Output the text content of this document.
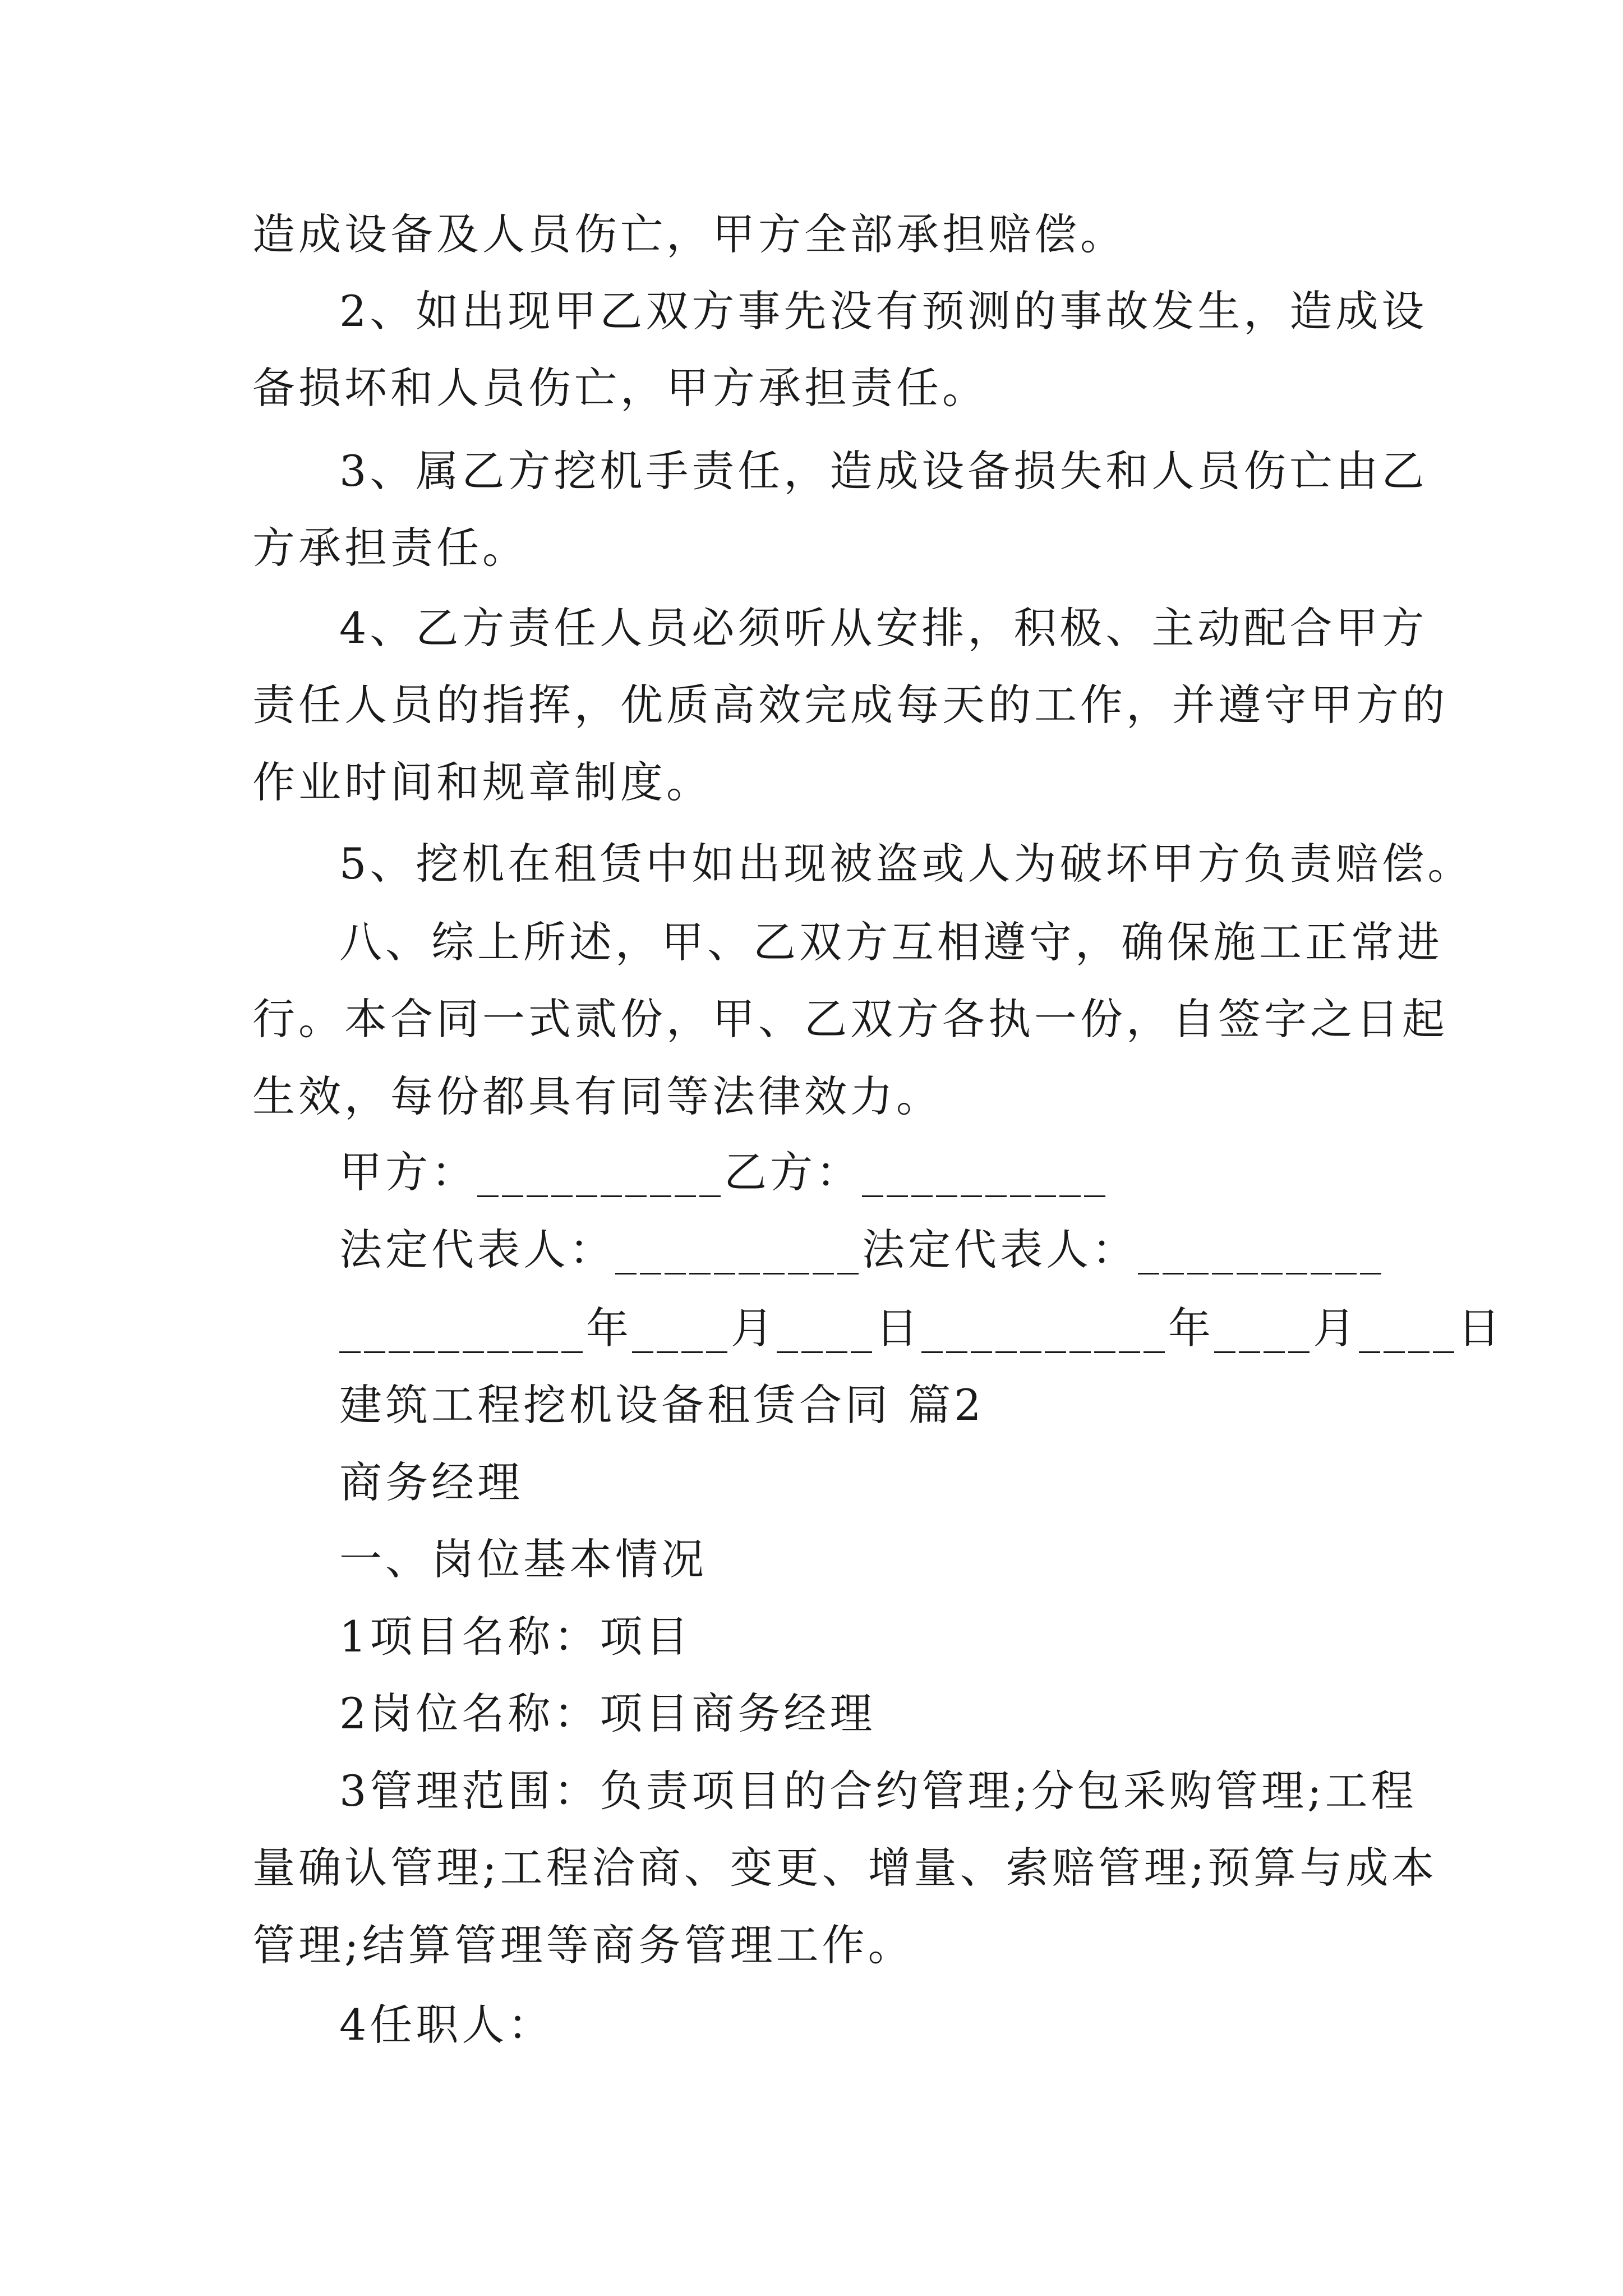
造成设备及人员伤亡，甲方全部承担赔偿。
2、如出现甲乙双方事先没有预测的事故发生，造成设
备损坏和人员伤亡，甲方承担责任。
3、属乙方挖机手责任，造成设备损失和人员伤亡由乙
方承担责任。
4、乙方责任人员必须听从安排，积极、主动配合甲方
责任人员的指挥，优质高效完成每天的工作，并遵守甲方的
作业时间和规章制度。
5、挖机在租赁中如出现被盗或人为破坏甲方负责赔偿。
八、综上所述，甲、乙双方互相遵守，确保施工正常进
行。本合同一式贰份，甲、乙双方各执一份，自签字之日起
生效，每份都具有同等法律效力。
甲方：__________乙方：__________
法定代表人：__________法定代表人：__________
__________年____月____日__________年____月____日
建筑工程挖机设备租赁合同 篇2
商务经理
一、岗位基本情况
1项目名称：项目
2岗位名称：项目商务经理
3管理范围：负责项目的合约管理;分包采购管理;工程
量确认管理;工程洽商、变更、增量、索赔管理;预算与成本
管理;结算管理等商务管理工作。
4任职人：
